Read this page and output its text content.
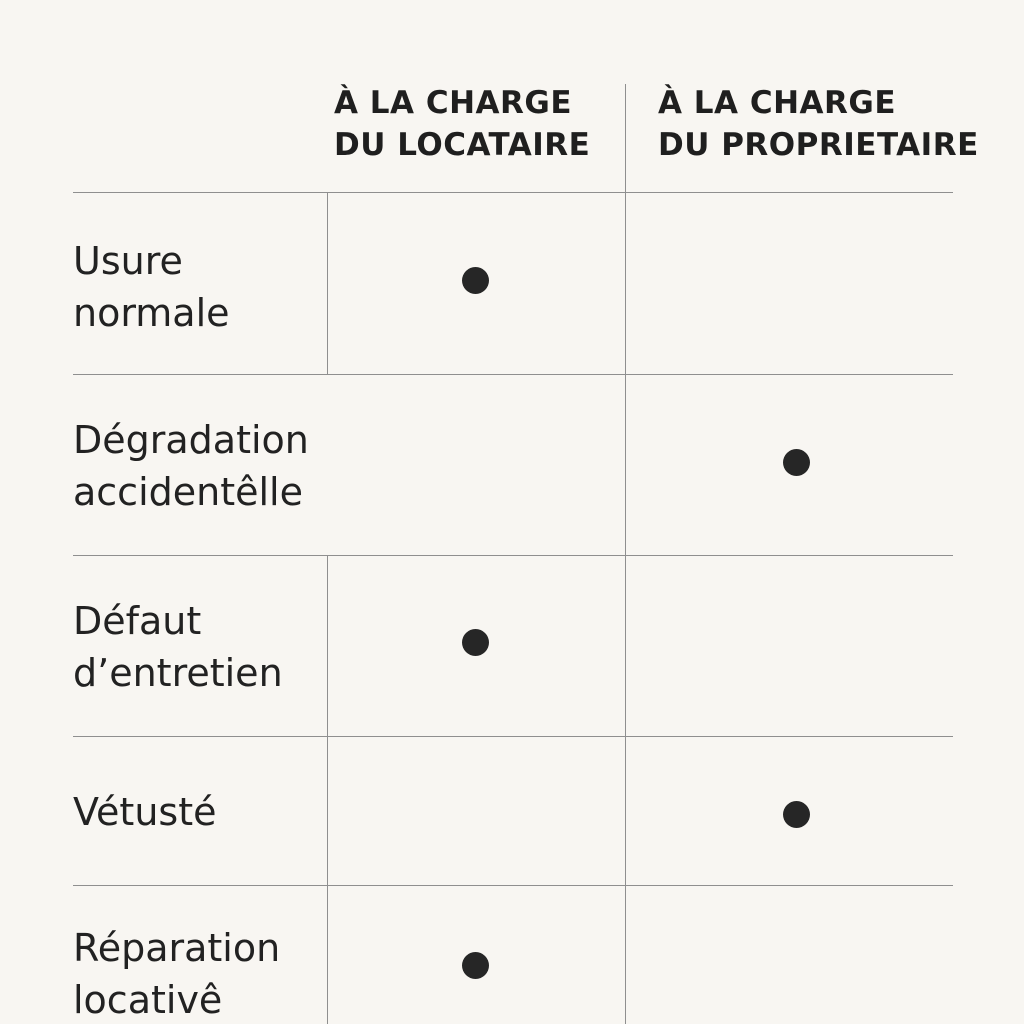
À LA CHARGE
DU LOCATAIRE
À LA CHARGE
DU PROPRIETAIRE
Usure
normale
Dégradation
accidentêlle
Défaut
d’entretien
Vétusté
Réparation
locativê
